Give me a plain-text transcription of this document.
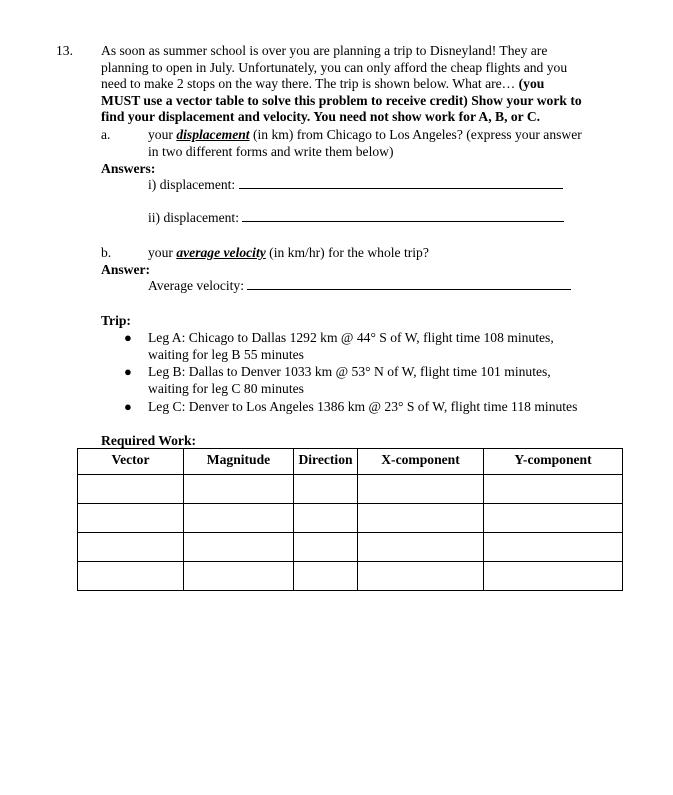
13. As soon as summer school is over you are planning a trip to Disneyland! They are
planning to open in July. Unfortunately, you can only afford the cheap flights and you
need to make 2 stops on the way there. The trip is shown below. What are… (you
MUST use a vector table to solve this problem to receive credit) Show your work to
find your displacement and velocity. You need not show work for A, B, or C.
a.	your displacement (in km) from Chicago to Los Angeles? (express your answer
in two different forms and write them below)
Answers:
i) displacement:
ii) displacement:
b.	your average velocity (in km/hr) for the whole trip?
Answer:
Average velocity:
Trip:
● Leg A: Chicago to Dallas 1292 km @ 44° S of W, flight time 108 minutes,
waiting for leg B 55 minutes
● Leg B: Dallas to Denver 1033 km @ 53° N of W, flight time 101 minutes,
waiting for leg C 80 minutes
● Leg C: Denver to Los Angeles 1386 km @ 23° S of W, flight time 118 minutes
Required Work:
Vector	Magnitude	Direction	X-component	Y-component
